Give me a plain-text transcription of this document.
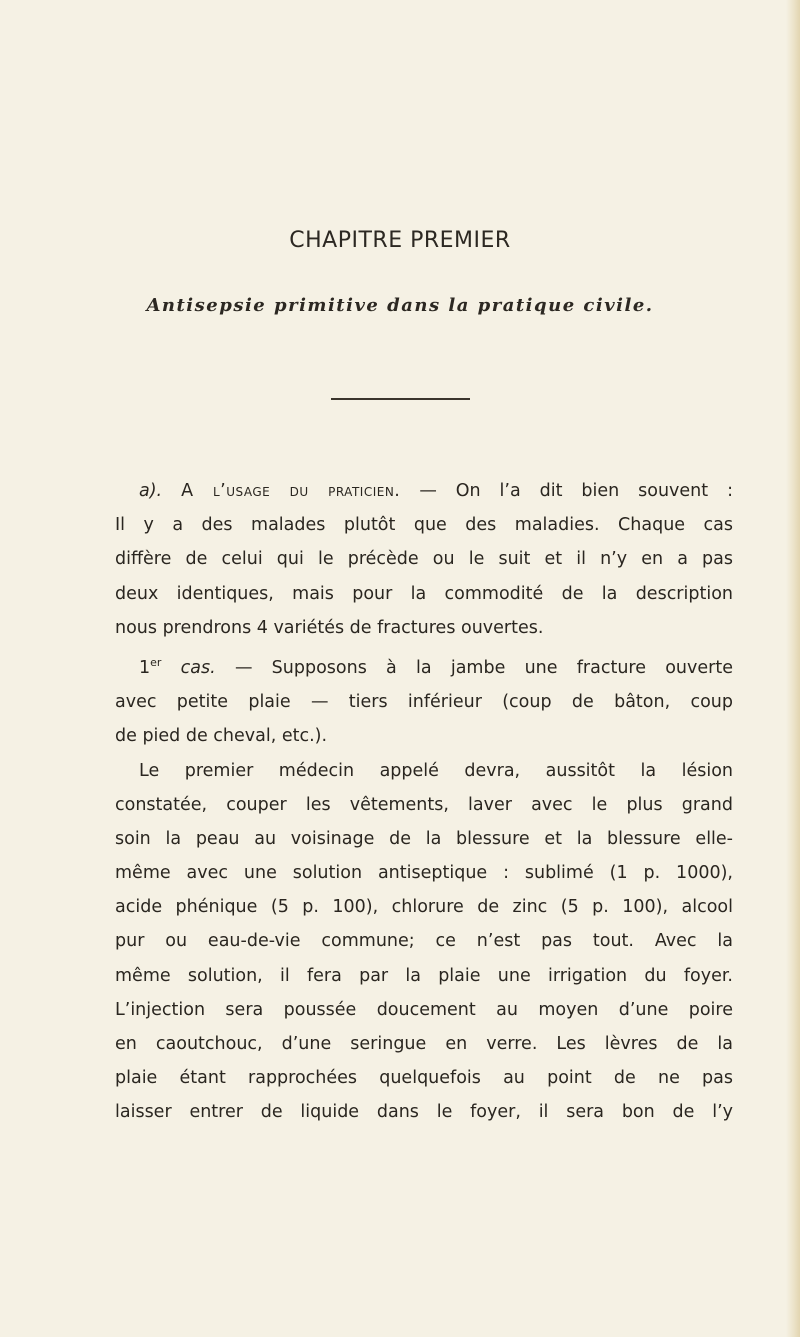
CHAPITRE PREMIER
Antisepsie primitive dans la pratique civile.
a). A l’usage du praticien. — On l’a dit bien souvent :
Il y a des malades plutôt que des maladies. Chaque cas
diffère de celui qui le précède ou le suit et il n’y en a pas
deux identiques, mais pour la commodité de la description
nous prendrons 4 variétés de fractures ouvertes.
1er cas. — Supposons à la jambe une fracture ouverte
avec petite plaie — tiers inférieur (coup de bâton, coup
de pied de cheval, etc.).
Le premier médecin appelé devra, aussitôt la lésion
constatée, couper les vêtements, laver avec le plus grand
soin la peau au voisinage de la blessure et la blessure elle-
même avec une solution antiseptique : sublimé (1 p. 1000),
acide phénique (5 p. 100), chlorure de zinc (5 p. 100), alcool
pur ou eau-de-vie commune; ce n’est pas tout. Avec la
même solution, il fera par la plaie une irrigation du foyer.
L’injection sera poussée doucement au moyen d’une poire
en caoutchouc, d’une seringue en verre. Les lèvres de la
plaie étant rapprochées quelquefois au point de ne pas
laisser entrer de liquide dans le foyer, il sera bon de l’y
